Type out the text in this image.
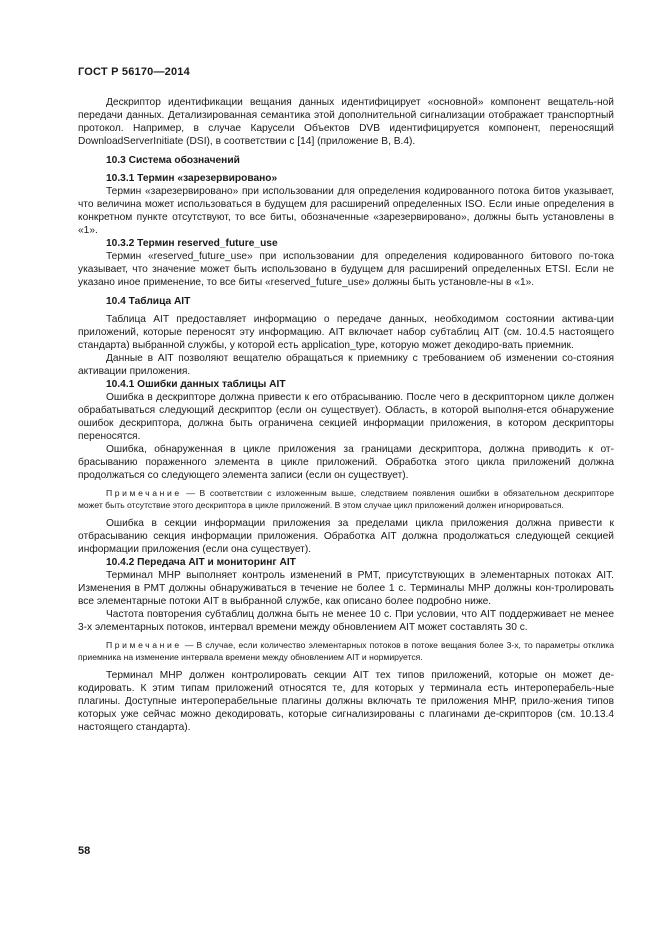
ГОСТ Р 56170—2014

Дескриптор идентификации вещания данных идентифицирует «основной» компонент вещатель-ной передачи данных. Детализированная семантика этой дополнительной сигнализации отображает транспортный протокол. Например, в случае Карусели Объектов DVB идентифицируется компонент, переносящий DownloadServerInitiate (DSI), в соответствии с [14] (приложение В, В.4).

10.3 Система обозначений

10.3.1 Термин «зарезервировано»

Термин «зарезервировано» при использовании для определения кодированного потока битов указывает, что величина может использоваться в будущем для расширений определенных ISO. Если иные определения в конкретном пункте отсутствуют, то все биты, обозначенные «зарезервировано», должны быть установлены в «1».

10.3.2 Термин reserved_future_use

Термин «reserved_future_use» при использовании для определения кодированного битового по-тока указывает, что значение может быть использовано в будущем для расширений определенных ETSI. Если не указано иное применение, то все биты «reserved_future_use» должны быть установле-ны в «1».

10.4 Таблица AIT

Таблица AIT предоставляет информацию о передаче данных, необходимом состоянии актива-ции приложений, которые переносят эту информацию. AIT включает набор субтаблиц AIT (см. 10.4.5 настоящего стандарта) выбранной службы, у которой есть application_type, которую может декодиро-вать приемник.

Данные в AIT позволяют вещателю обращаться к приемнику с требованием об изменении со-стояния активации приложения.

10.4.1 Ошибки данных таблицы AIT

Ошибка в дескрипторе должна привести к его отбрасыванию. После чего в дескрипторном цикле должен обрабатываться следующий дескриптор (если он существует). Область, в которой выполня-ется обнаружение ошибок дескриптора, должна быть ограничена секцией информации приложения, в котором дескрипторы переносятся.

Ошибка, обнаруженная в цикле приложения за границами дескриптора, должна приводить к от-брасыванию пораженного элемента в цикле приложений. Обработка этого цикла приложений должна продолжаться со следующего элемента записи (если он существует).

Примечание — В соответствии с изложенным выше, следствием появления ошибки в обязательном дескрипторе может быть отсутствие этого дескриптора в цикле приложений. В этом случае цикл приложений должен игнорироваться.

Ошибка в секции информации приложения за пределами цикла приложения должна привести к отбрасыванию секция информации приложения. Обработка AIT должна продолжаться следующей секцией информации приложения (если она существует).

10.4.2 Передача AIT и мониторинг AIT

Терминал МНР выполняет контроль изменений в PMT, присутствующих в элементарных потоках AIT. Изменения в PMT должны обнаруживаться в течение не более 1 с. Терминалы МНР должны кон-тролировать все элементарные потоки AIT в выбранной службе, как описано более подробно ниже.

Частота повторения субтаблиц должна быть не менее 10 с. При условии, что AIT поддерживает не менее 3-х элементарных потоков, интервал времени между обновлением AIT может составлять 30 с.

Примечание — В случае, если количество элементарных потоков в потоке вещания более 3-х, то параметры отклика приемника на изменение интервала времени между обновлением AIT и нормируется.

Терминал МНР должен контролировать секции AIT тех типов приложений, которые он может де-кодировать. К этим типам приложений относятся те, для которых у терминала есть интероперабель-ные плагины. Доступные интероперабельные плагины должны включать те приложения МНР, прило-жения типов которых уже сейчас можно декодировать, которые сигнализированы с плагинами де-скрипторов (см. 10.13.4 настоящего стандарта).

58
